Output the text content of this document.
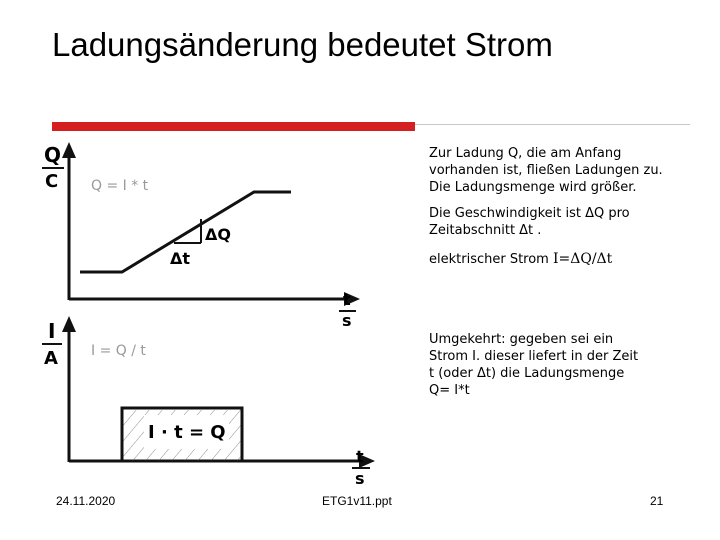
Ladungsänderung bedeutet Strom
Q
C Q = I * t
ΔQ
Δt
t
s
I
A I = Q / t
I · t = Q
t
s
Zur Ladung Q, die am Anfang
vorhanden ist, fließen Ladungen zu.
Die Ladungsmenge wird größer.
Die Geschwindigkeit ist ΔQ pro
Zeitabschnitt Δt .
elektrischer Strom I=ΔQ/Δt
Umgekehrt: gegeben sei ein
Strom I. dieser liefert in der Zeit
t (oder Δt) die Ladungsmenge
Q= I*t
24.11.2020	ETG1v11.ppt	21
